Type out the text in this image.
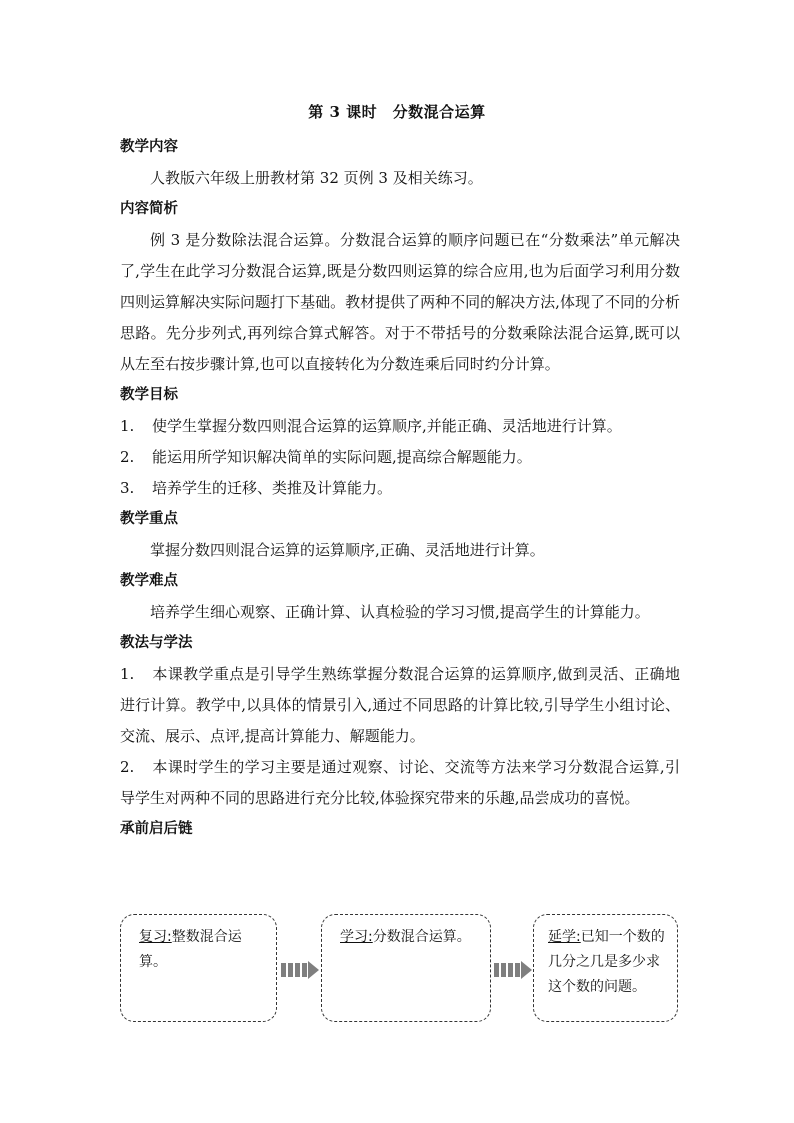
第 3 课时　分数混合运算
教学内容
人教版六年级上册教材第 32 页例 3 及相关练习。
内容简析
例 3 是分数除法混合运算。分数混合运算的顺序问题已在“分数乘法”单元解决了,学生在此学习分数混合运算,既是分数四则运算的综合应用,也为后面学习利用分数四则运算解决实际问题打下基础。教材提供了两种不同的解决方法,体现了不同的分析思路。先分步列式,再列综合算式解答。对于不带括号的分数乘除法混合运算,既可以从左至右按步骤计算,也可以直接转化为分数连乘后同时约分计算。
教学目标
1. 使学生掌握分数四则混合运算的运算顺序,并能正确、灵活地进行计算。
2. 能运用所学知识解决简单的实际问题,提高综合解题能力。
3. 培养学生的迁移、类推及计算能力。
教学重点
掌握分数四则混合运算的运算顺序,正确、灵活地进行计算。
教学难点
培养学生细心观察、正确计算、认真检验的学习习惯,提高学生的计算能力。
教法与学法
1. 本课教学重点是引导学生熟练掌握分数混合运算的运算顺序,做到灵活、正确地进行计算。教学中,以具体的情景引入,通过不同思路的计算比较,引导学生小组讨论、交流、展示、点评,提高计算能力、解题能力。
2. 本课时学生的学习主要是通过观察、讨论、交流等方法来学习分数混合运算,引导学生对两种不同的思路进行充分比较,体验探究带来的乐趣,品尝成功的喜悦。
承前启后链
复习:整数混合运算。
学习:分数混合运算。	延学:已知一个数的几分之几是多少求这个数的问题。
